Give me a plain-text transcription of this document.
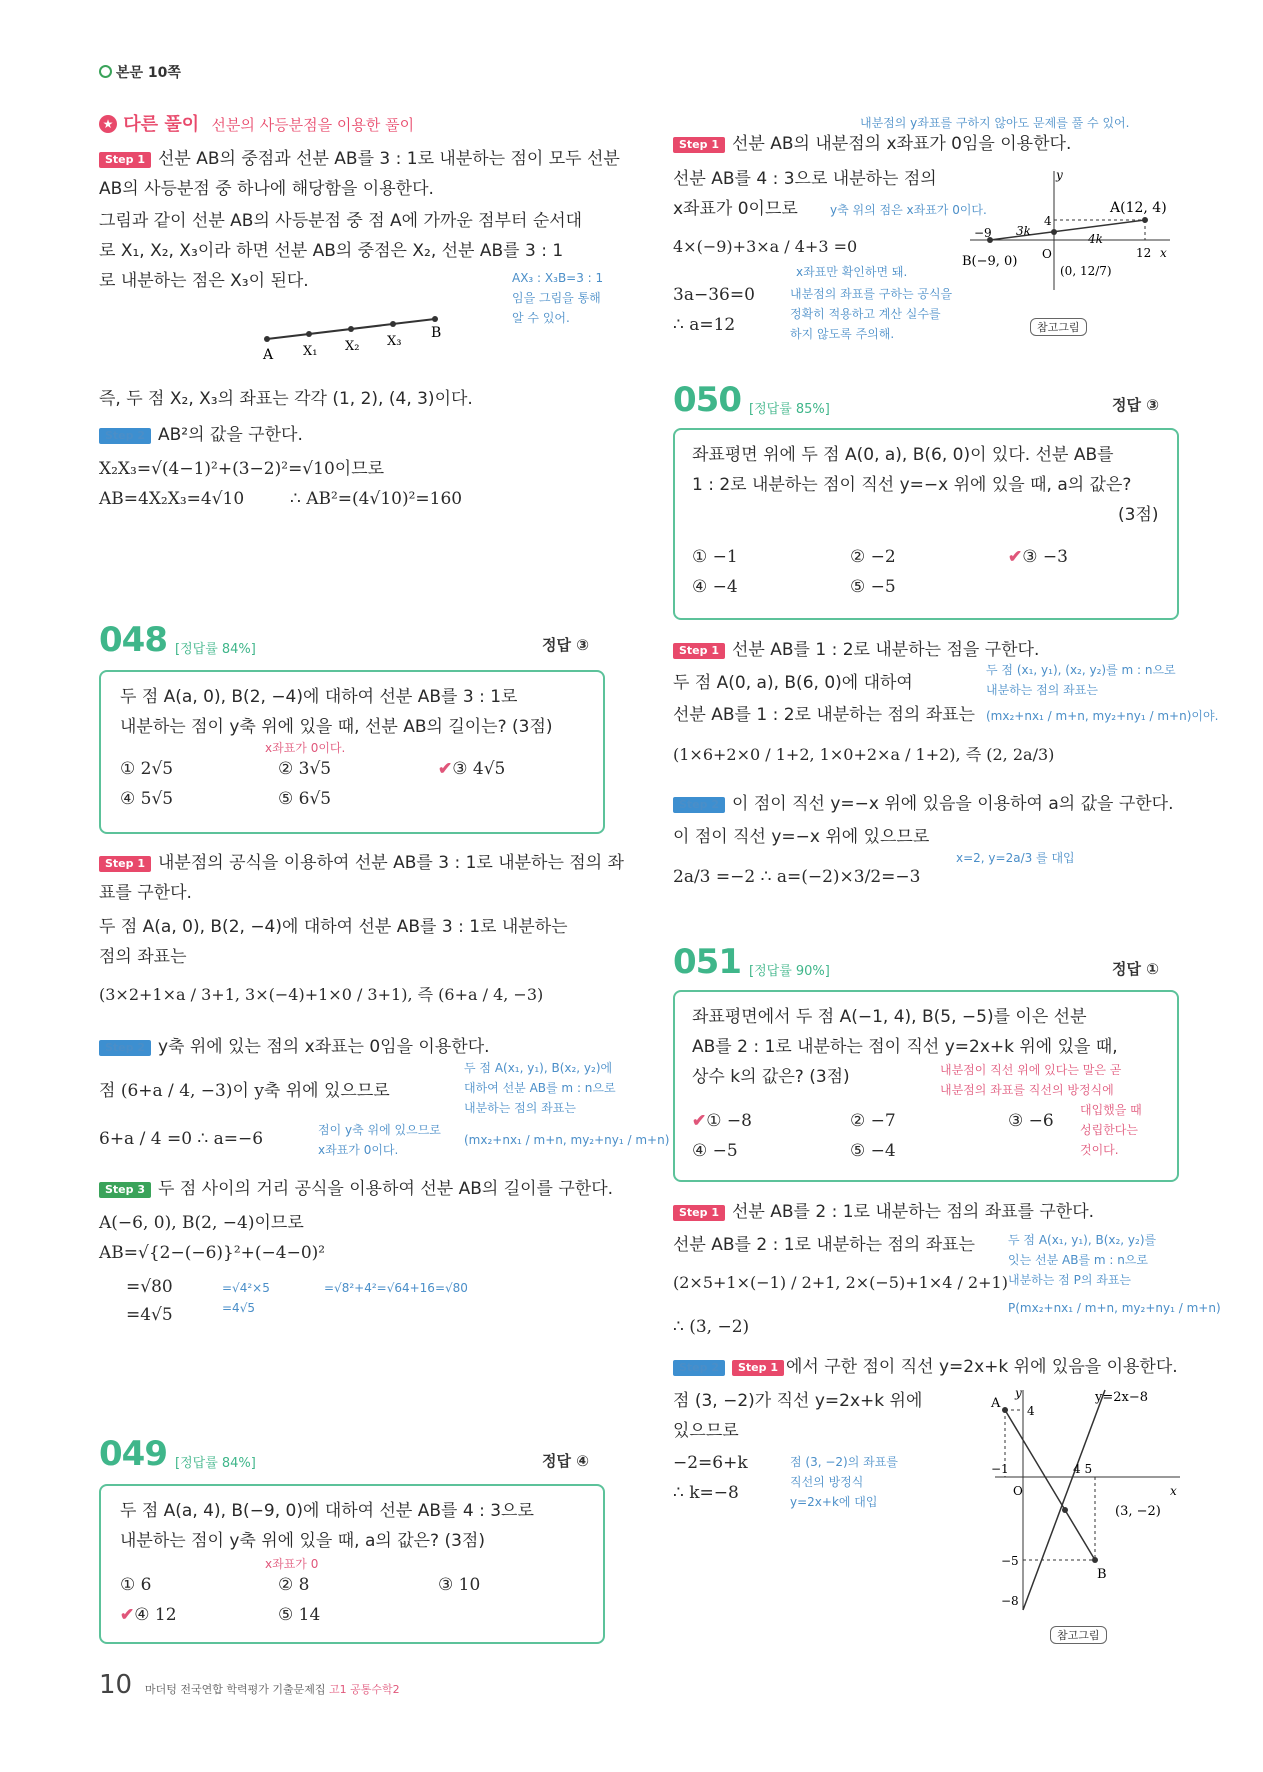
본문 10쪽
★ 다른 풀이 선분의 사등분점을 이용한 풀이
Step 1 선분 AB의 중점과 선분 AB를 3 : 1로 내분하는 점이 모두 선분
AB의 사등분점 중 하나에 해당함을 이용한다.
그림과 같이 선분 AB의 사등분점 중 점 A에 가까운 점부터 순서대
로 X₁, X₂, X₃이라 하면 선분 AB의 중점은 X₂, 선분 AB를 3 : 1
로 내분하는 점은 X₃이 된다.	AX₃ : X₃B=3 : 1
임을 그림을 통해
알 수 있어.
A X₁ X₂ X₃
B
즉, 두 점 X₂, X₃의 좌표는 각각 (1, 2), (4, 3)이다.
Step 2 AB²의 값을 구한다.
X₂X₃=√(4−1)²+(3−2)²=√10이므로
AB=4X₂X₃=4√10	∴ AB²=(4√10)²=160
048 [정답률 84%]	정답 ③
두 점 A(a, 0), B(2, −4)에 대하여 선분 AB를 3 : 1로
내분하는 점이 y축 위에 있을 때, 선분 AB의 길이는? (3점)
x좌표가 0이다.
① 2√5	② 3√5	✔③ 4√5
④ 5√5	⑤ 6√5
Step 1 내분점의 공식을 이용하여 선분 AB를 3 : 1로 내분하는 점의 좌
표를 구한다.
두 점 A(a, 0), B(2, −4)에 대하여 선분 AB를 3 : 1로 내분하는
점의 좌표는
(3×2+1×a / 3+1, 3×(−4)+1×0 / 3+1), 즉 (6+a / 4, −3)
Step 2 y축 위에 있는 점의 x좌표는 0임을 이용한다.
점 (6+a / 4, −3)이 y축 위에 있으므로
6+a / 4 =0 ∴ a=−6
두 점 A(x₁, y₁), B(x₂, y₂)에
대하여 선분 AB를 m : n으로
내분하는 점의 좌표는
(mx₂+nx₁ / m+n, my₂+ny₁ / m+n)
점이 y축 위에 있으므로
x좌표가 0이다.
Step 3 두 점 사이의 거리 공식을 이용하여 선분 AB의 길이를 구한다.
A(−6, 0), B(2, −4)이므로
AB=√{2−(−6)}²+(−4−0)²
=√80
=4√5
=√4²×5
=4√5
=√8²+4²=√64+16=√80
049 [정답률 84%]	정답 ④
두 점 A(a, 4), B(−9, 0)에 대하여 선분 AB를 4 : 3으로
내분하는 점이 y축 위에 있을 때, a의 값은? (3점)
x좌표가 0
① 6	② 8	③ 10
✔④ 12	⑤ 14
내분점의 y좌표를 구하지 않아도 문제를 풀 수 있어.
Step 1 선분 AB의 내분점의 x좌표가 0임을 이용한다.
선분 AB를 4 : 3으로 내분하는 점의
x좌표가 0이므로	y축 위의 점은 x좌표가 0이다.
4×(−9)+3×a / 4+3 =0
x좌표만 확인하면 돼.
3a−36=0	내분점의 좌표를 구하는 공식을
정확히 적용하고 계산 실수를
하지 않도록 주의해.
∴ a=12
y
x
A(12, 4)
B(−9, 0) O
4
12
−9 3k
4k
(0, 12/7)
참고그림
050 [정답률 85%]	정답 ③
좌표평면 위에 두 점 A(0, a), B(6, 0)이 있다. 선분 AB를
1 : 2로 내분하는 점이 직선 y=−x 위에 있을 때, a의 값은?
(3점)
① −1	② −2	✔③ −3
④ −4	⑤ −5
Step 1 선분 AB를 1 : 2로 내분하는 점을 구한다.
두 점 A(0, a), B(6, 0)에 대하여
두 점 (x₁, y₁), (x₂, y₂)를 m : n으로
내분하는 점의 좌표는
선분 AB를 1 : 2로 내분하는 점의 좌표는 (mx₂+nx₁ / m+n, my₂+ny₁ / m+n)이야.
(1×6+2×0 / 1+2, 1×0+2×a / 1+2), 즉 (2, 2a/3)
Step 2 이 점이 직선 y=−x 위에 있음을 이용하여 a의 값을 구한다.
이 점이 직선 y=−x 위에 있으므로
x=2, y=2a/3 를 대입
2a/3 =−2 ∴ a=(−2)×3/2=−3
051 [정답률 90%]	정답 ①
좌표평면에서 두 점 A(−1, 4), B(5, −5)를 이은 선분
AB를 2 : 1로 내분하는 점이 직선 y=2x+k 위에 있을 때,
상수 k의 값은? (3점)	내분점이 직선 위에 있다는 말은 곧
내분점의 좌표를 직선의 방정식에
대입했을 때
성립한다는
것이다.
✔① −8	② −7	③ −6
④ −5	⑤ −4
Step 1 선분 AB를 2 : 1로 내분하는 점의 좌표를 구한다.
선분 AB를 2 : 1로 내분하는 점의 좌표는
(2×5+1×(−1) / 2+1, 2×(−5)+1×4 / 2+1)
∴ (3, −2)
두 점 A(x₁, y₁), B(x₂, y₂)를
잇는 선분 AB를 m : n으로
내분하는 점 P의 좌표는
P(mx₂+nx₁ / m+n, my₂+ny₁ / m+n)
Step 2	Step 1 에서 구한 점이 직선 y=2x+k 위에 있음을 이용한다.
점 (3, −2)가 직선 y=2x+k 위에
있으므로
−2=6+k
∴ k=−8
점 (3, −2)의 좌표를
직선의 방정식
y=2x+k에 대입
y
x
y=2x−8
A
B
O
4
−1	4 5
−5
−8
(3, −2)
참고그림
10 마더텅 전국연합 학력평가 기출문제집 고1 공통수학2
